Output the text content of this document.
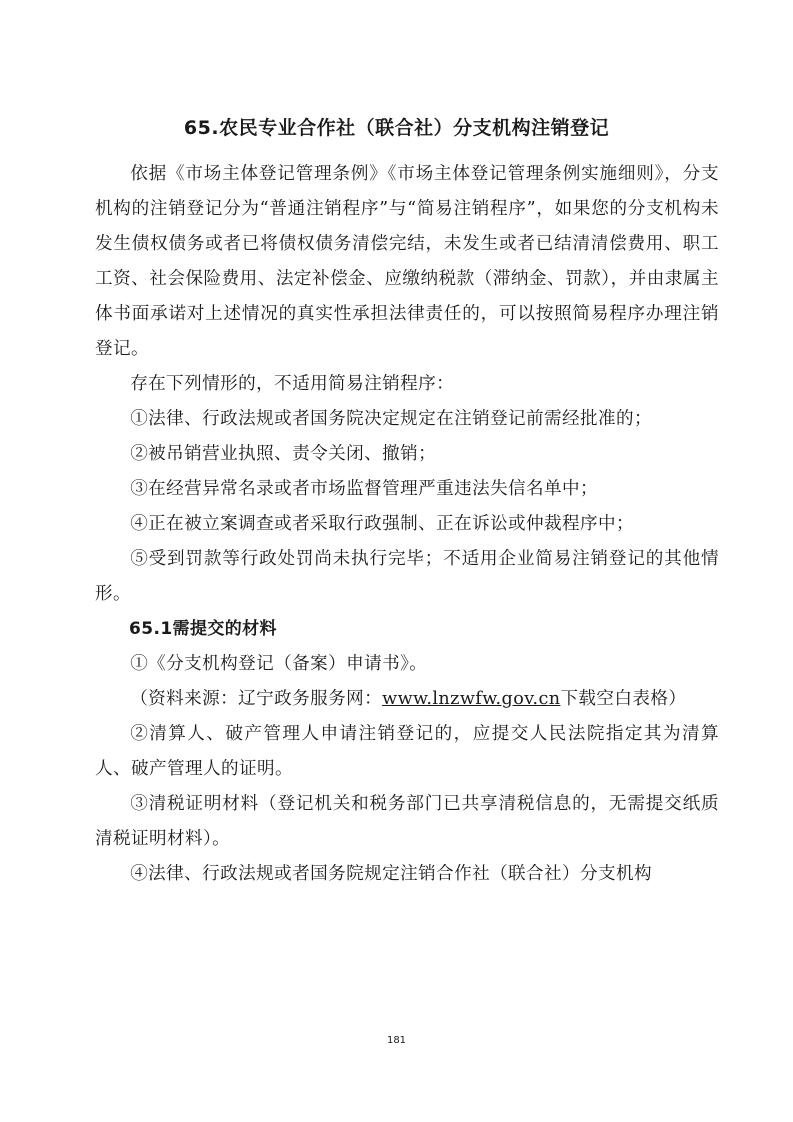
65.农民专业合作社（联合社）分支机构注销登记

依据《市场主体登记管理条例》《市场主体登记管理条例实施细则》，分支机构的注销登记分为“普通注销程序”与“简易注销程序”，如果您的分支机构未发生债权债务或者已将债权债务清偿完结，未发生或者已结清清偿费用、职工工资、社会保险费用、法定补偿金、应缴纳税款（滞纳金、罚款），并由隶属主体书面承诺对上述情况的真实性承担法律责任的，可以按照简易程序办理注销登记。

存在下列情形的，不适用简易注销程序：

①法律、行政法规或者国务院决定规定在注销登记前需经批准的；

②被吊销营业执照、责令关闭、撤销；

③在经营异常名录或者市场监督管理严重违法失信名单中；

④正在被立案调查或者采取行政强制、正在诉讼或仲裁程序中；

⑤受到罚款等行政处罚尚未执行完毕；不适用企业简易注销登记的其他情形。

65.1需提交的材料

①《分支机构登记（备案）申请书》。

（资料来源：辽宁政务服务网：www.lnzwfw.gov.cn下载空白表格）

②清算人、破产管理人申请注销登记的，应提交人民法院指定其为清算人、破产管理人的证明。

③清税证明材料（登记机关和税务部门已共享清税信息的，无需提交纸质清税证明材料）。

④法律、行政法规或者国务院规定注销合作社（联合社）分支机构

181
